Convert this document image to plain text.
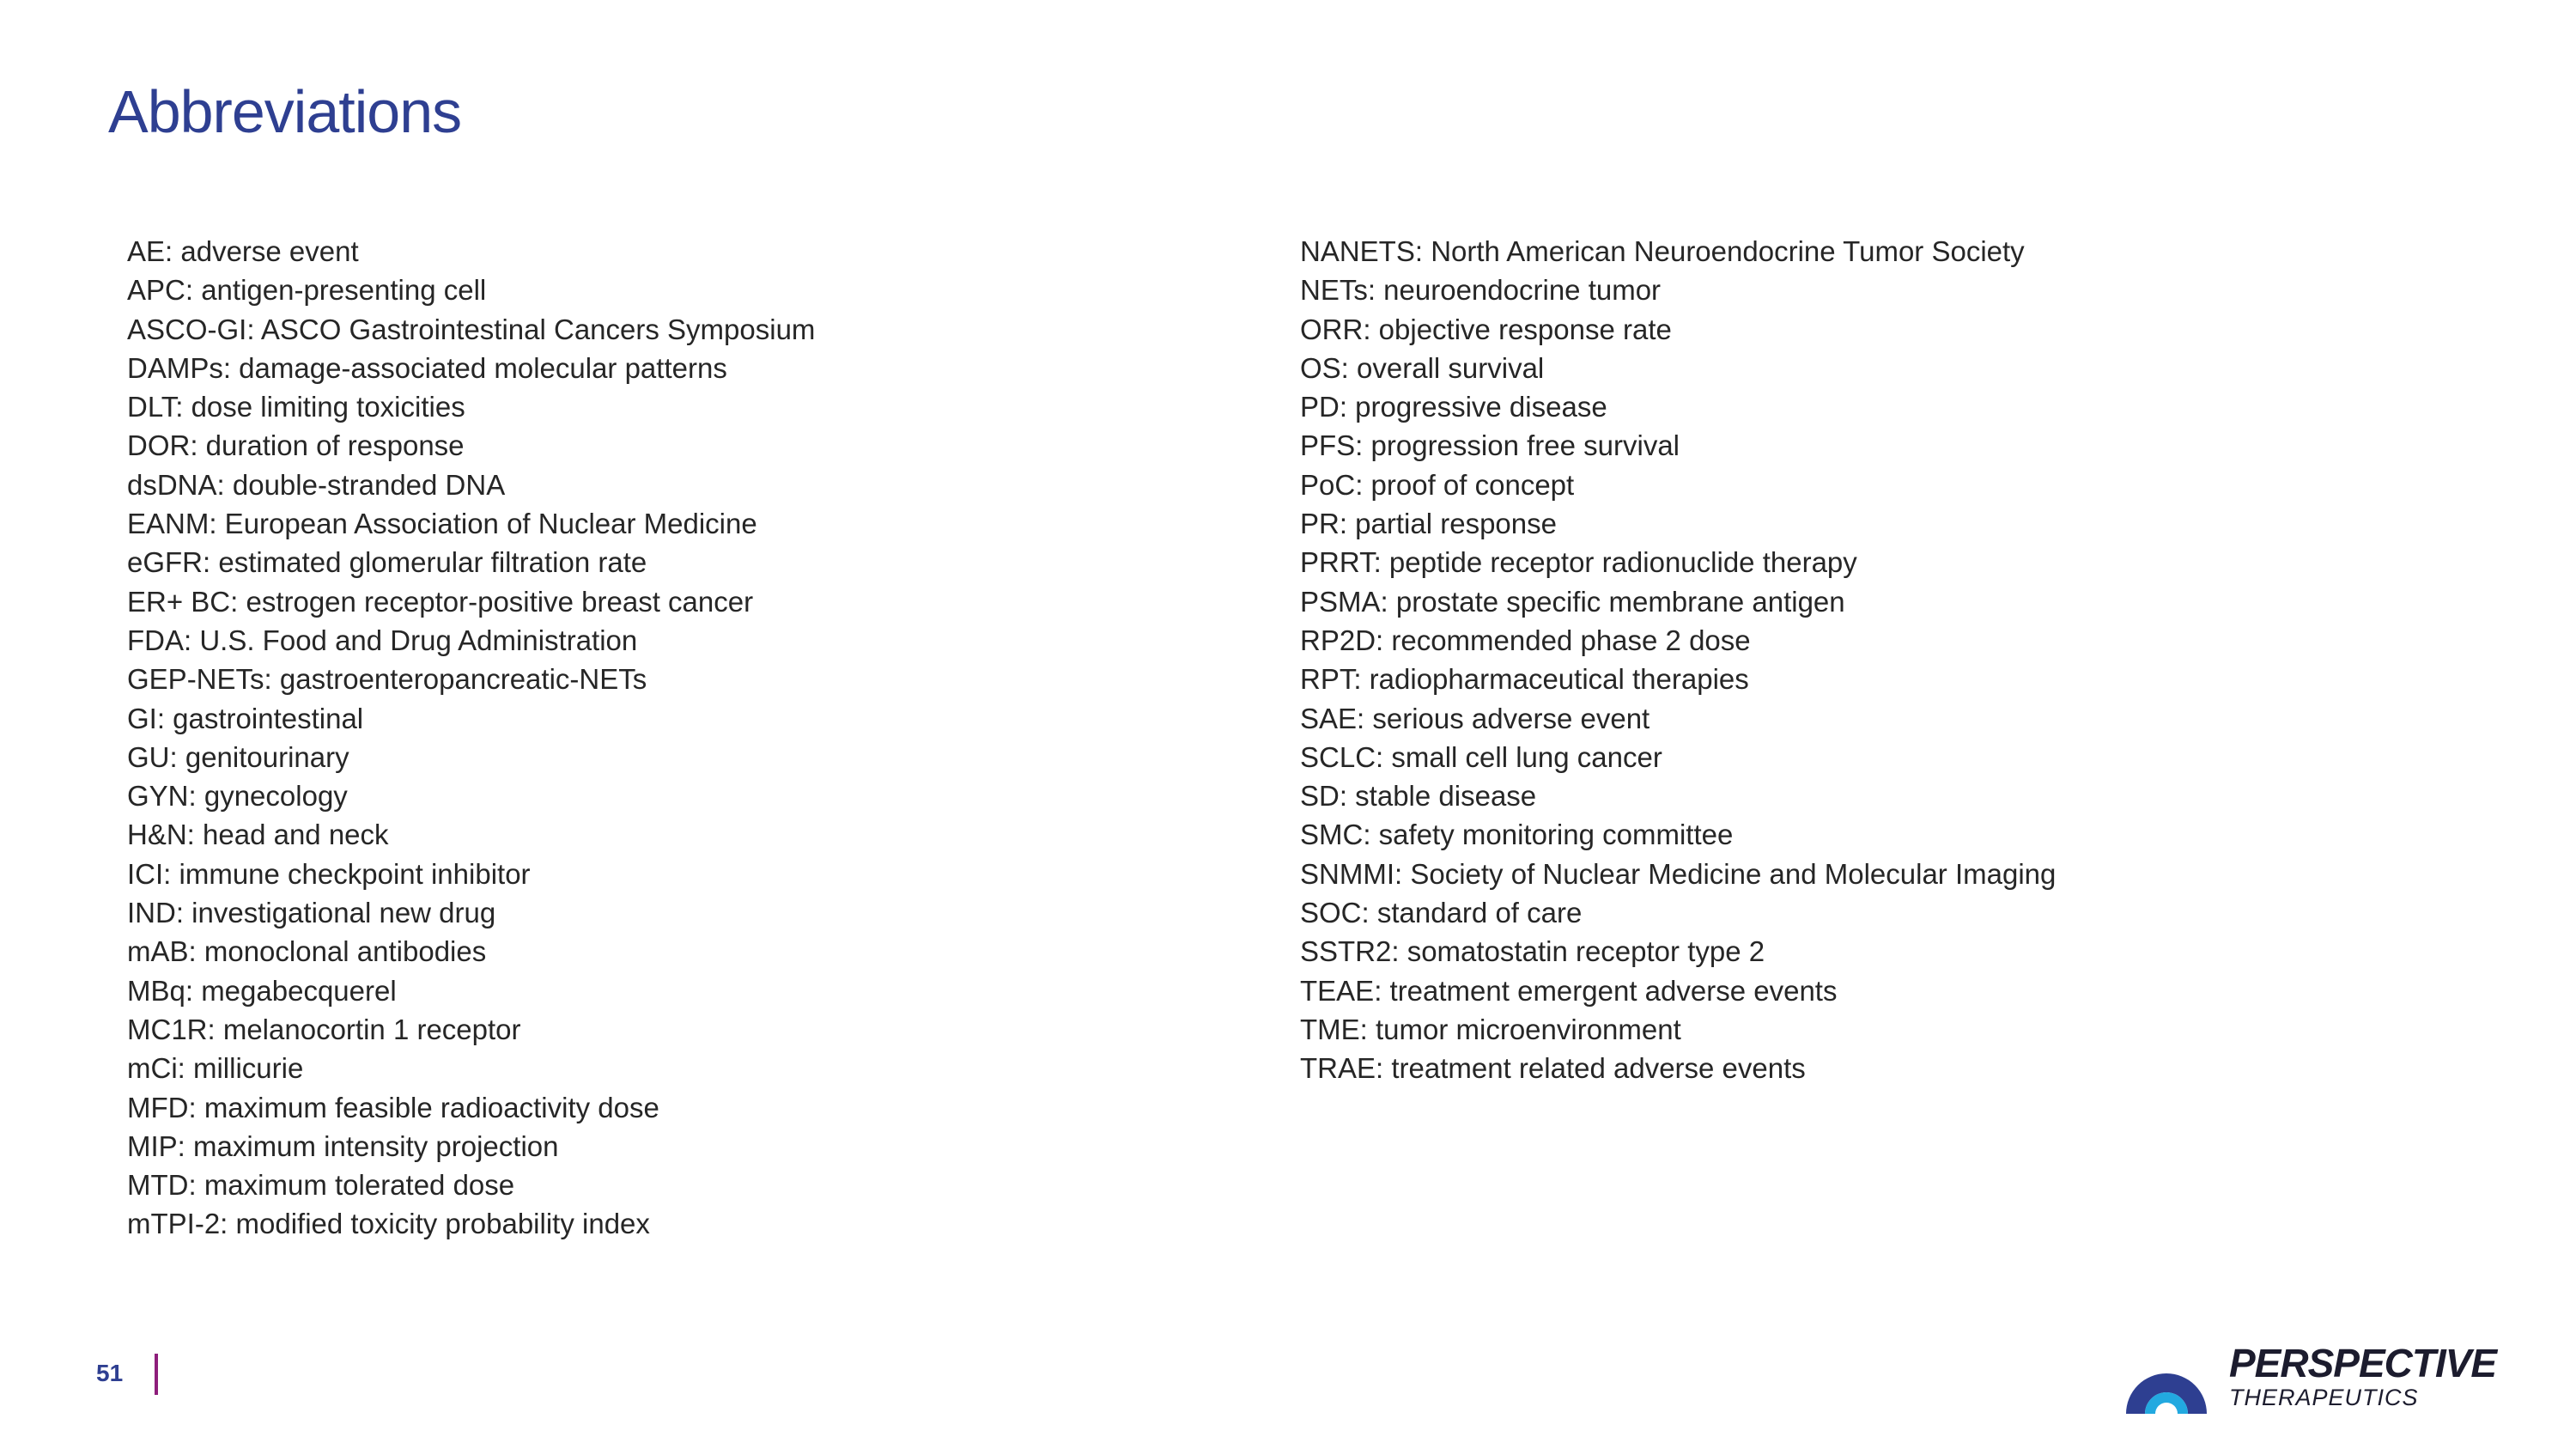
Abbreviations
AE: adverse event
APC: antigen-presenting cell
ASCO-GI: ASCO Gastrointestinal Cancers Symposium
DAMPs: damage-associated molecular patterns
DLT: dose limiting toxicities
DOR: duration of response
dsDNA: double-stranded DNA
EANM: European Association of Nuclear Medicine
eGFR: estimated glomerular filtration rate
ER+ BC: estrogen receptor-positive breast cancer
FDA: U.S. Food and Drug Administration
GEP-NETs: gastroenteropancreatic-NETs
GI: gastrointestinal
GU: genitourinary
GYN: gynecology
H&N: head and neck
ICI: immune checkpoint inhibitor
IND: investigational new drug
mAB: monoclonal antibodies
MBq: megabecquerel
MC1R: melanocortin 1 receptor
mCi: millicurie
MFD: maximum feasible radioactivity dose
MIP: maximum intensity projection
MTD: maximum tolerated dose
mTPI-2: modified toxicity probability index
NANETS: North American Neuroendocrine Tumor Society
NETs: neuroendocrine tumor
ORR: objective response rate
OS: overall survival
PD: progressive disease
PFS: progression free survival
PoC: proof of concept
PR: partial response
PRRT: peptide receptor radionuclide therapy
PSMA: prostate specific membrane antigen
RP2D: recommended phase 2 dose
RPT: radiopharmaceutical therapies
SAE: serious adverse event
SCLC: small cell lung cancer
SD: stable disease
SMC: safety monitoring committee
SNMMI: Society of Nuclear Medicine and Molecular Imaging
SOC: standard of care
SSTR2: somatostatin receptor type 2
TEAE: treatment emergent adverse events
TME: tumor microenvironment
TRAE: treatment related adverse events
51	PERSPECTIVE
THERAPEUTICS
